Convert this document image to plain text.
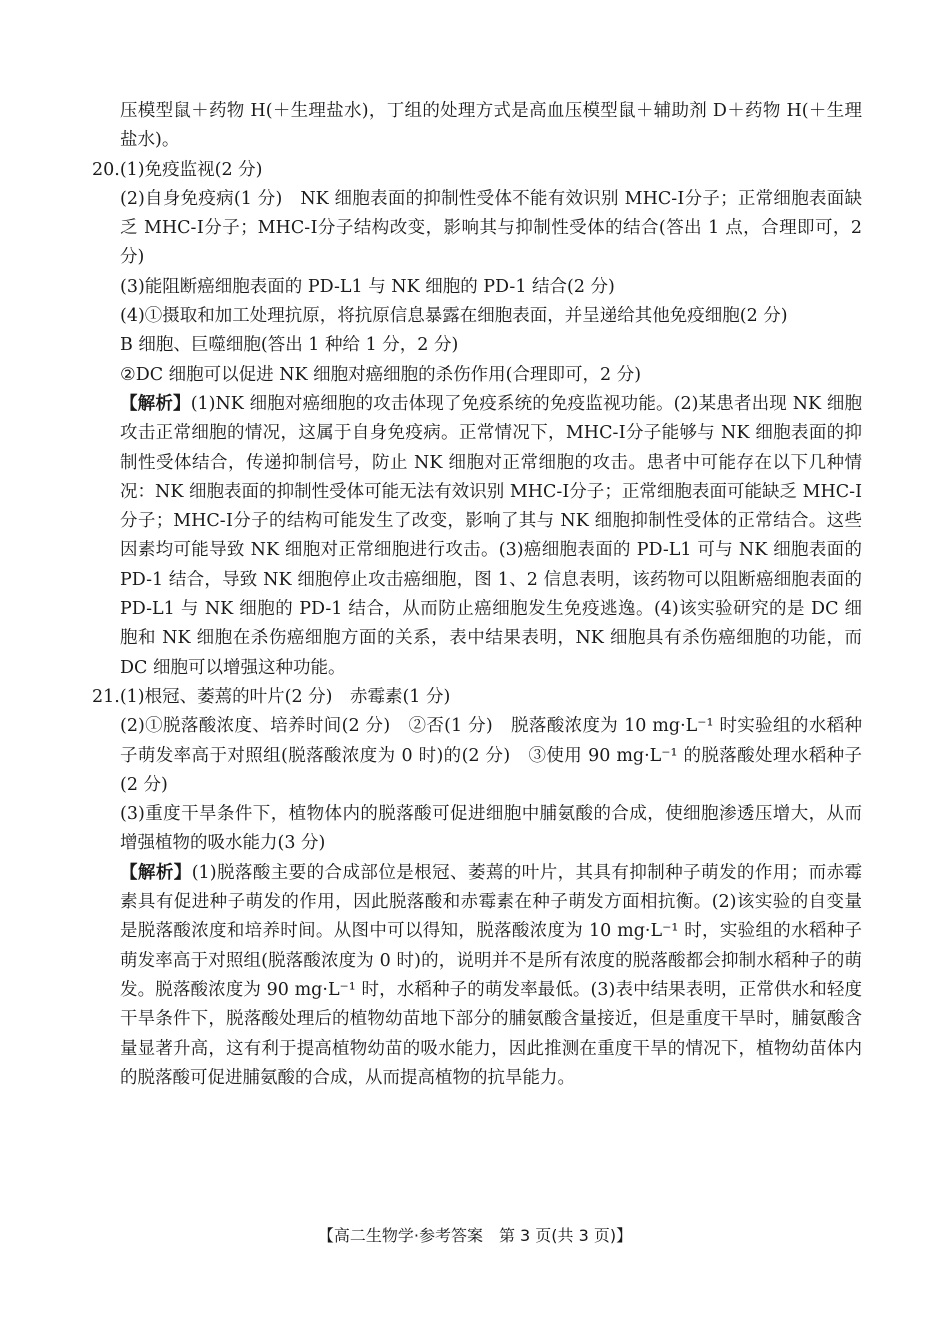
压模型鼠＋药物 H(＋生理盐水)，丁组的处理方式是高血压模型鼠＋辅助剂 D＋药物 H(＋生理盐水)。

20.(1)免疫监视(2 分)

(2)自身免疫病(1 分)　NK 细胞表面的抑制性受体不能有效识别 MHC-Ⅰ分子；正常细胞表面缺乏 MHC-Ⅰ分子；MHC-Ⅰ分子结构改变，影响其与抑制性受体的结合(答出 1 点，合理即可，2 分)

(3)能阻断癌细胞表面的 PD-L1 与 NK 细胞的 PD-1 结合(2 分)

(4)①摄取和加工处理抗原，将抗原信息暴露在细胞表面，并呈递给其他免疫细胞(2 分)

B 细胞、巨噬细胞(答出 1 种给 1 分，2 分)

②DC 细胞可以促进 NK 细胞对癌细胞的杀伤作用(合理即可，2 分)

【解析】(1)NK 细胞对癌细胞的攻击体现了免疫系统的免疫监视功能。(2)某患者出现 NK 细胞攻击正常细胞的情况，这属于自身免疫病。正常情况下，MHC-Ⅰ分子能够与 NK 细胞表面的抑制性受体结合，传递抑制信号，防止 NK 细胞对正常细胞的攻击。患者中可能存在以下几种情况：NK 细胞表面的抑制性受体可能无法有效识别 MHC-Ⅰ分子；正常细胞表面可能缺乏 MHC-Ⅰ分子；MHC-Ⅰ分子的结构可能发生了改变，影响了其与 NK 细胞抑制性受体的正常结合。这些因素均可能导致 NK 细胞对正常细胞进行攻击。(3)癌细胞表面的 PD-L1 可与 NK 细胞表面的 PD-1 结合，导致 NK 细胞停止攻击癌细胞，图 1、2 信息表明，该药物可以阻断癌细胞表面的 PD-L1 与 NK 细胞的 PD-1 结合，从而防止癌细胞发生免疫逃逸。(4)该实验研究的是 DC 细胞和 NK 细胞在杀伤癌细胞方面的关系，表中结果表明，NK 细胞具有杀伤癌细胞的功能，而 DC 细胞可以增强这种功能。

21.(1)根冠、萎蔫的叶片(2 分)　赤霉素(1 分)

(2)①脱落酸浓度、培养时间(2 分)　②否(1 分)　脱落酸浓度为 10 mg·L⁻¹ 时实验组的水稻种子萌发率高于对照组(脱落酸浓度为 0 时)的(2 分)　③使用 90 mg·L⁻¹ 的脱落酸处理水稻种子(2 分)

(3)重度干旱条件下，植物体内的脱落酸可促进细胞中脯氨酸的合成，使细胞渗透压增大，从而增强植物的吸水能力(3 分)

【解析】(1)脱落酸主要的合成部位是根冠、萎蔫的叶片，其具有抑制种子萌发的作用；而赤霉素具有促进种子萌发的作用，因此脱落酸和赤霉素在种子萌发方面相抗衡。(2)该实验的自变量是脱落酸浓度和培养时间。从图中可以得知，脱落酸浓度为 10 mg·L⁻¹ 时，实验组的水稻种子萌发率高于对照组(脱落酸浓度为 0 时)的，说明并不是所有浓度的脱落酸都会抑制水稻种子的萌发。脱落酸浓度为 90 mg·L⁻¹ 时，水稻种子的萌发率最低。(3)表中结果表明，正常供水和轻度干旱条件下，脱落酸处理后的植物幼苗地下部分的脯氨酸含量接近，但是重度干旱时，脯氨酸含量显著升高，这有利于提高植物幼苗的吸水能力，因此推测在重度干旱的情况下，植物幼苗体内的脱落酸可促进脯氨酸的合成，从而提高植物的抗旱能力。

【高二生物学·参考答案　第 3 页(共 3 页)】
